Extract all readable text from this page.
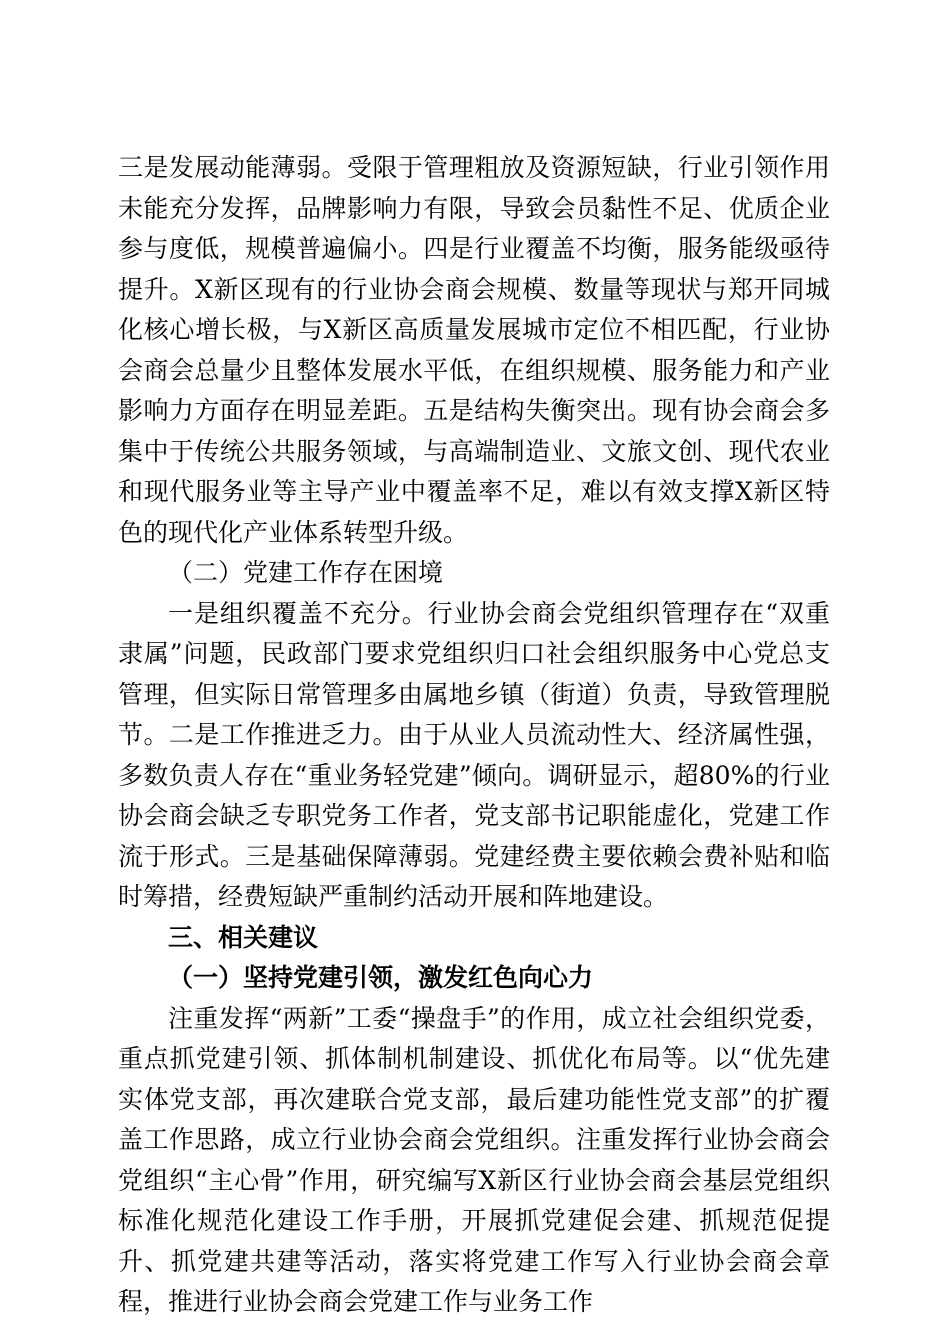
三是发展动能薄弱。受限于管理粗放及资源短缺，行业引领作用未能充分发挥，品牌影响力有限，导致会员黏性不足、优质企业参与度低，规模普遍偏小。四是行业覆盖不均衡，服务能级亟待提升。X新区现有的行业协会商会规模、数量等现状与郑开同城化核心增长极，与X新区高质量发展城市定位不相匹配，行业协会商会总量少且整体发展水平低，在组织规模、服务能力和产业影响力方面存在明显差距。五是结构失衡突出。现有协会商会多集中于传统公共服务领域，与高端制造业、文旅文创、现代农业和现代服务业等主导产业中覆盖率不足，难以有效支撑X新区特色的现代化产业体系转型升级。

（二）党建工作存在困境

一是组织覆盖不充分。行业协会商会党组织管理存在“双重隶属”问题，民政部门要求党组织归口社会组织服务中心党总支管理，但实际日常管理多由属地乡镇（街道）负责，导致管理脱节。二是工作推进乏力。由于从业人员流动性大、经济属性强，多数负责人存在“重业务轻党建”倾向。调研显示，超80%的行业协会商会缺乏专职党务工作者，党支部书记职能虚化，党建工作流于形式。三是基础保障薄弱。党建经费主要依赖会费补贴和临时筹措，经费短缺严重制约活动开展和阵地建设。

三、相关建议

（一）坚持党建引领，激发红色向心力

注重发挥“两新”工委“操盘手”的作用，成立社会组织党委，重点抓党建引领、抓体制机制建设、抓优化布局等。以“优先建实体党支部，再次建联合党支部，最后建功能性党支部”的扩覆盖工作思路，成立行业协会商会党组织。注重发挥行业协会商会党组织“主心骨”作用，研究编写X新区行业协会商会基层党组织标准化规范化建设工作手册，开展抓党建促会建、抓规范促提升、抓党建共建等活动，落实将党建工作写入行业协会商会章程，推进行业协会商会党建工作与业务工作
